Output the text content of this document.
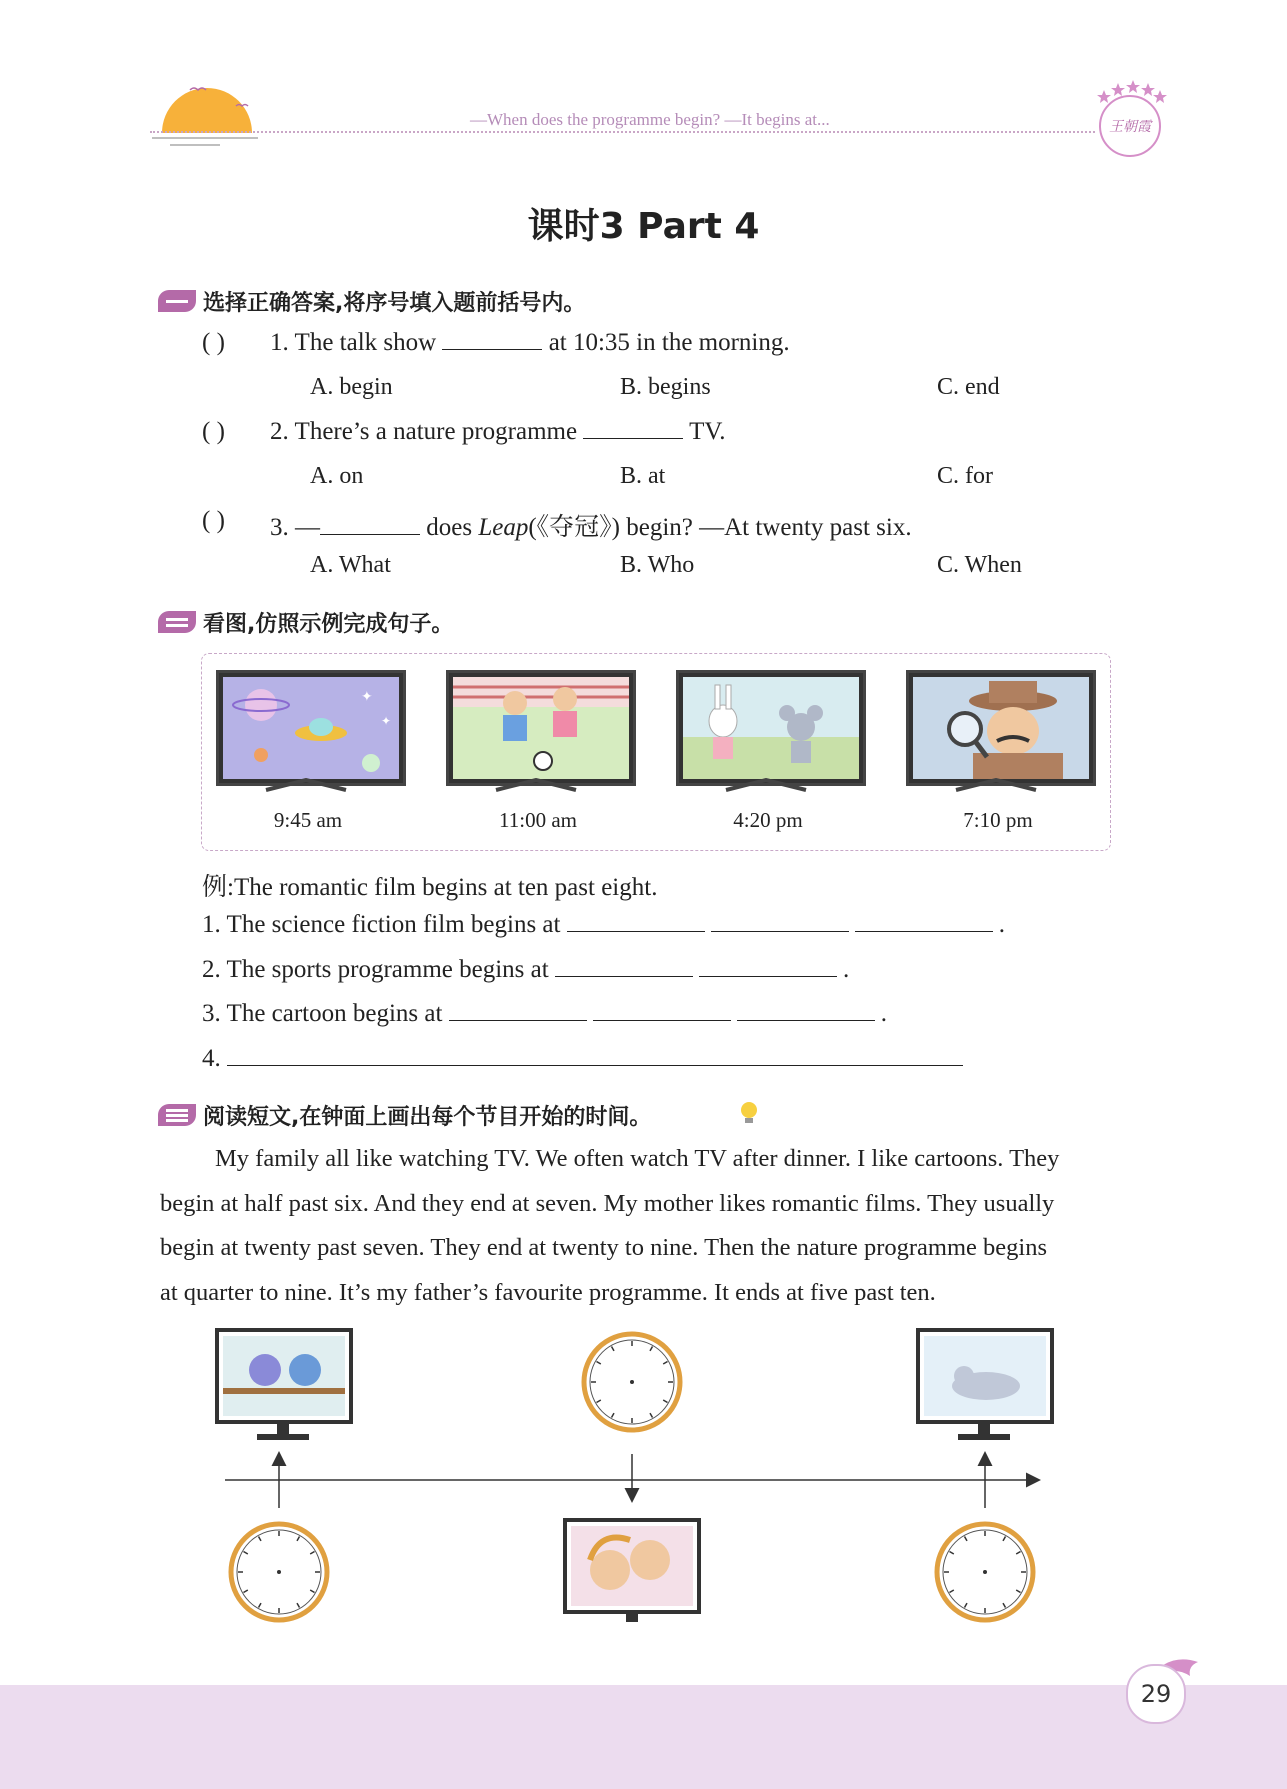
—When does the programme begin? —It begins at...	王朝霞
课时3 Part 4
选择正确答案,将序号填入题前括号内。
( ) 1. The talk show	at 10:35 in the morning.
A. begin	B. begins	C. end
( ) 2. There’s a nature programme	TV.
A. on	B. at	C. for
( ) 3. —	does Leap(《夺冠》) begin? —At twenty past six.
A. What	B. Who	C. When
看图,仿照示例完成句子。
✦
✦
9:45 am	11:00 am	4:20 pm	7:10 pm
例:The romantic film begins at ten past eight.
1. The science fiction film begins at	.
2. The sports programme begins at	.
3. The cartoon begins at	.
4.
阅读短文,在钟面上画出每个节目开始的时间。
My family all like watching TV. We often watch TV after dinner. I like cartoons. They
begin at half past six. And they end at seven. My mother likes romantic films. They usually
begin at twenty past seven. They end at twenty to nine. Then the nature programme begins
at quarter to nine. It’s my father’s favourite programme. It ends at five past ten.
29
